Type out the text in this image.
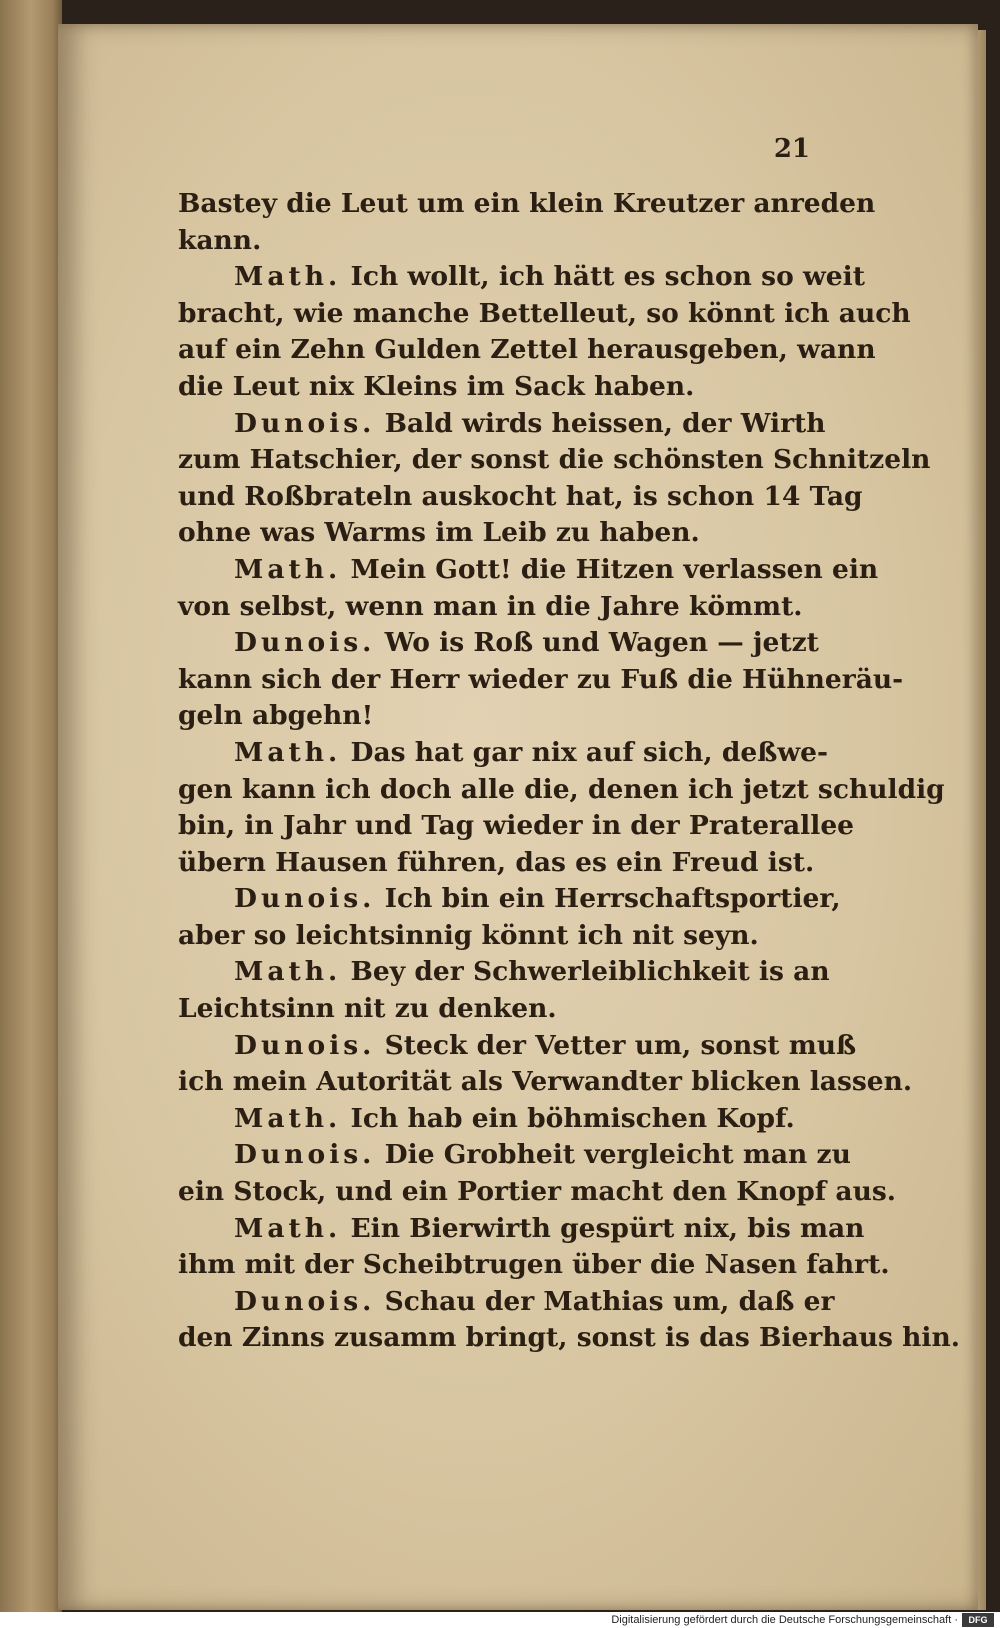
21
Bastey die Leut um ein klein Kreutzer anreden
kann.
Math. Ich wollt, ich hätt es schon so weit
bracht, wie manche Bettelleut, so könnt ich auch
auf ein Zehn Gulden Zettel herausgeben, wann
die Leut nix Kleins im Sack haben.
Dunois. Bald wirds heissen, der Wirth
zum Hatschier, der sonst die schönsten Schnitzeln
und Roßbrateln auskocht hat, is schon 14 Tag
ohne was Warms im Leib zu haben.
Math. Mein Gott! die Hitzen verlassen ein
von selbst, wenn man in die Jahre kömmt.
Dunois. Wo is Roß und Wagen — jetzt
kann sich der Herr wieder zu Fuß die Hühneräu-
geln abgehn!
Math. Das hat gar nix auf sich, deßwe-
gen kann ich doch alle die, denen ich jetzt schuldig
bin, in Jahr und Tag wieder in der Praterallee
übern Hausen führen, das es ein Freud ist.
Dunois. Ich bin ein Herrschaftsportier,
aber so leichtsinnig könnt ich nit seyn.
Math. Bey der Schwerleiblichkeit is an
Leichtsinn nit zu denken.
Dunois. Steck der Vetter um, sonst muß
ich mein Autorität als Verwandter blicken lassen.
Math. Ich hab ein böhmischen Kopf.
Dunois. Die Grobheit vergleicht man zu
ein Stock, und ein Portier macht den Knopf aus.
Math. Ein Bierwirth gespürt nix, bis man
ihm mit der Scheibtrugen über die Nasen fahrt.
Dunois. Schau der Mathias um, daß er
den Zinns zusamm bringt, sonst is das Bierhaus hin.
Digitalisierung gefördert durch die Deutsche Forschungsgemeinschaft ·	DFG
